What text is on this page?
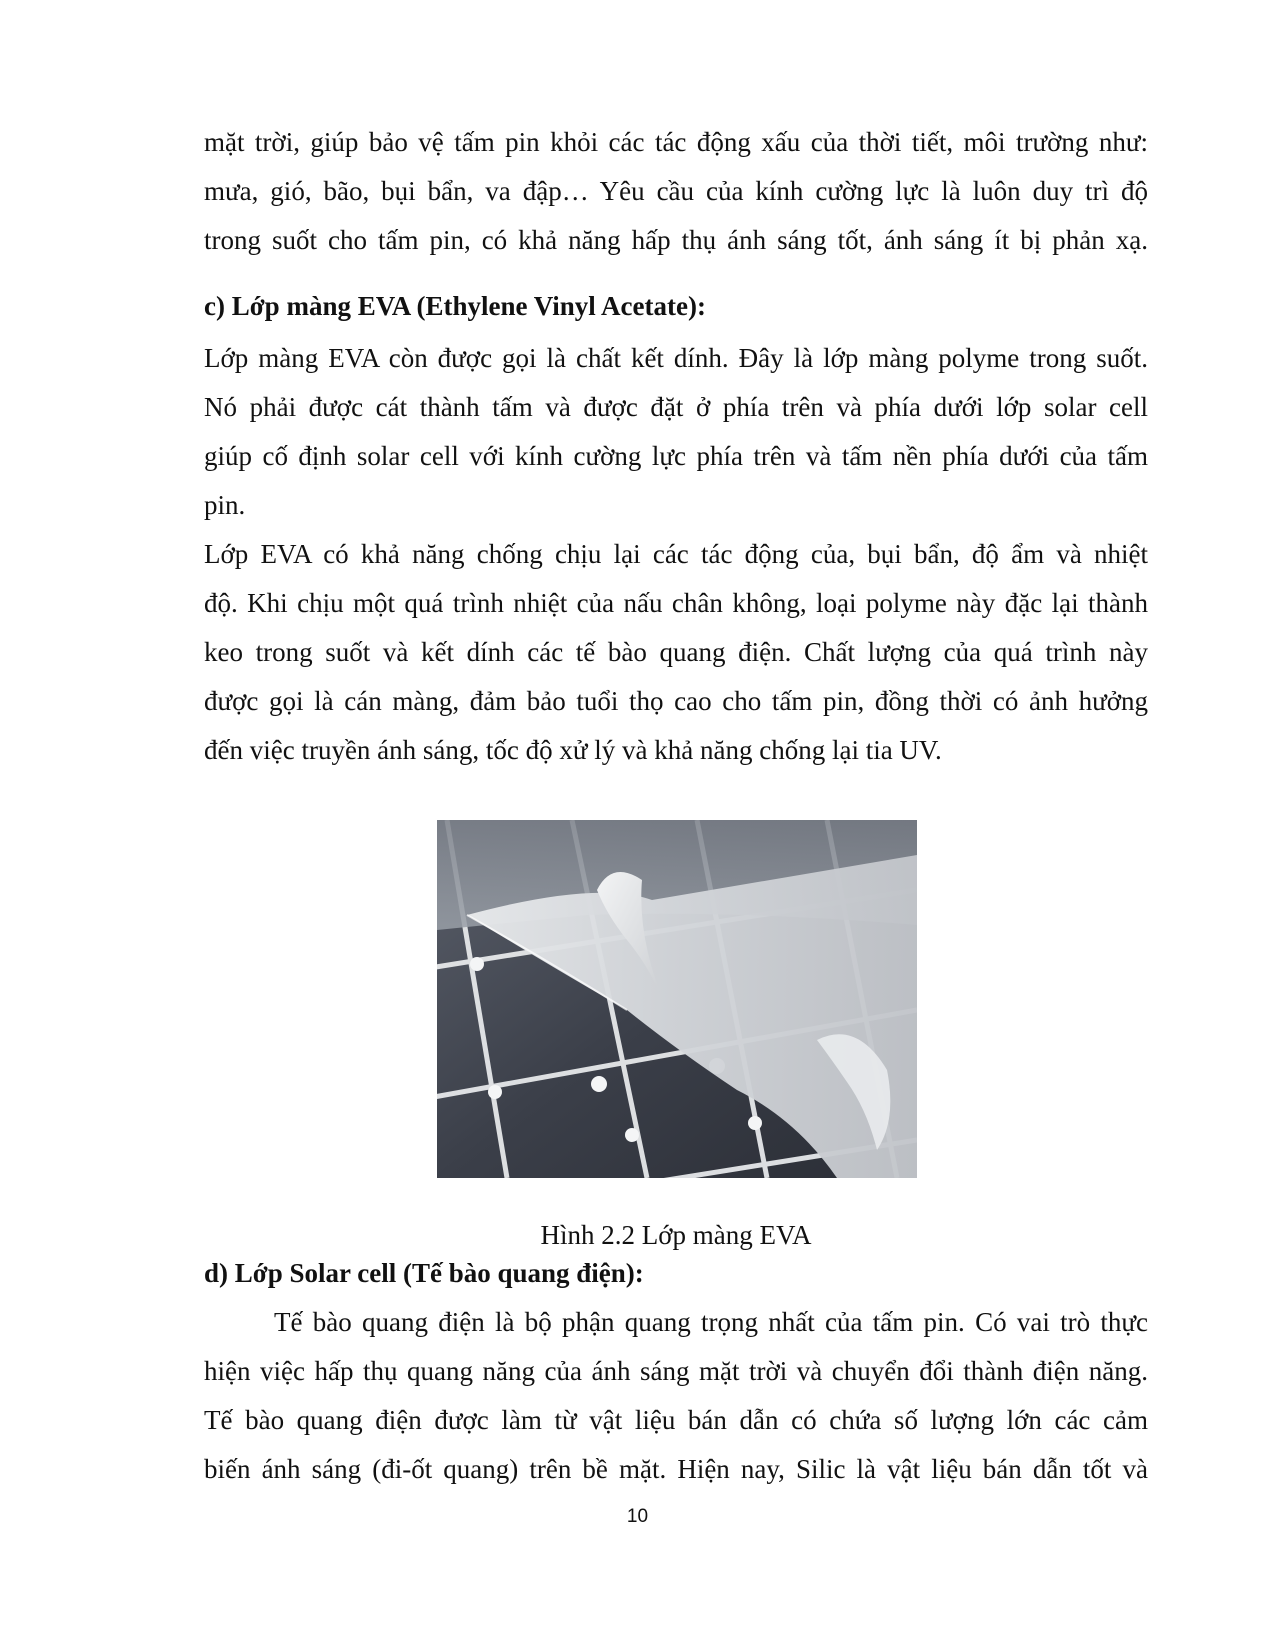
mặt trời, giúp bảo vệ tấm pin khỏi các tác động xấu của thời tiết, môi trường như:
mưa, gió, bão, bụi bẩn, va đập… Yêu cầu của kính cường lực là luôn duy trì độ
trong suốt cho tấm pin, có khả năng hấp thụ ánh sáng tốt, ánh sáng ít bị phản xạ.
c) Lớp màng EVA (Ethylene Vinyl Acetate):
Lớp màng EVA còn được gọi là chất kết dính. Đây là lớp màng polyme trong suốt.
Nó phải được cát thành tấm và được đặt ở phía trên và phía dưới lớp solar cell
giúp cố định solar cell với kính cường lực phía trên và tấm nền phía dưới của tấm
pin.
Lớp EVA có khả năng chống chịu lại các tác động của, bụi bẩn, độ ẩm và nhiệt
độ. Khi chịu một quá trình nhiệt của nấu chân không, loại polyme này đặc lại thành
keo trong suốt và kết dính các tế bào quang điện. Chất lượng của quá trình này
được gọi là cán màng, đảm bảo tuổi thọ cao cho tấm pin, đồng thời có ảnh hưởng
đến việc truyền ánh sáng, tốc độ xử lý và khả năng chống lại tia UV.
Hình 2.2 Lớp màng EVA
d) Lớp Solar cell (Tế bào quang điện):
Tế bào quang điện là bộ phận quang trọng nhất của tấm pin. Có vai trò thực
hiện việc hấp thụ quang năng của ánh sáng mặt trời và chuyển đổi thành điện năng.
Tế bào quang điện được làm từ vật liệu bán dẫn có chứa số lượng lớn các cảm
biến ánh sáng (đi-ốt quang) trên bề mặt. Hiện nay, Silic là vật liệu bán dẫn tốt và
10
